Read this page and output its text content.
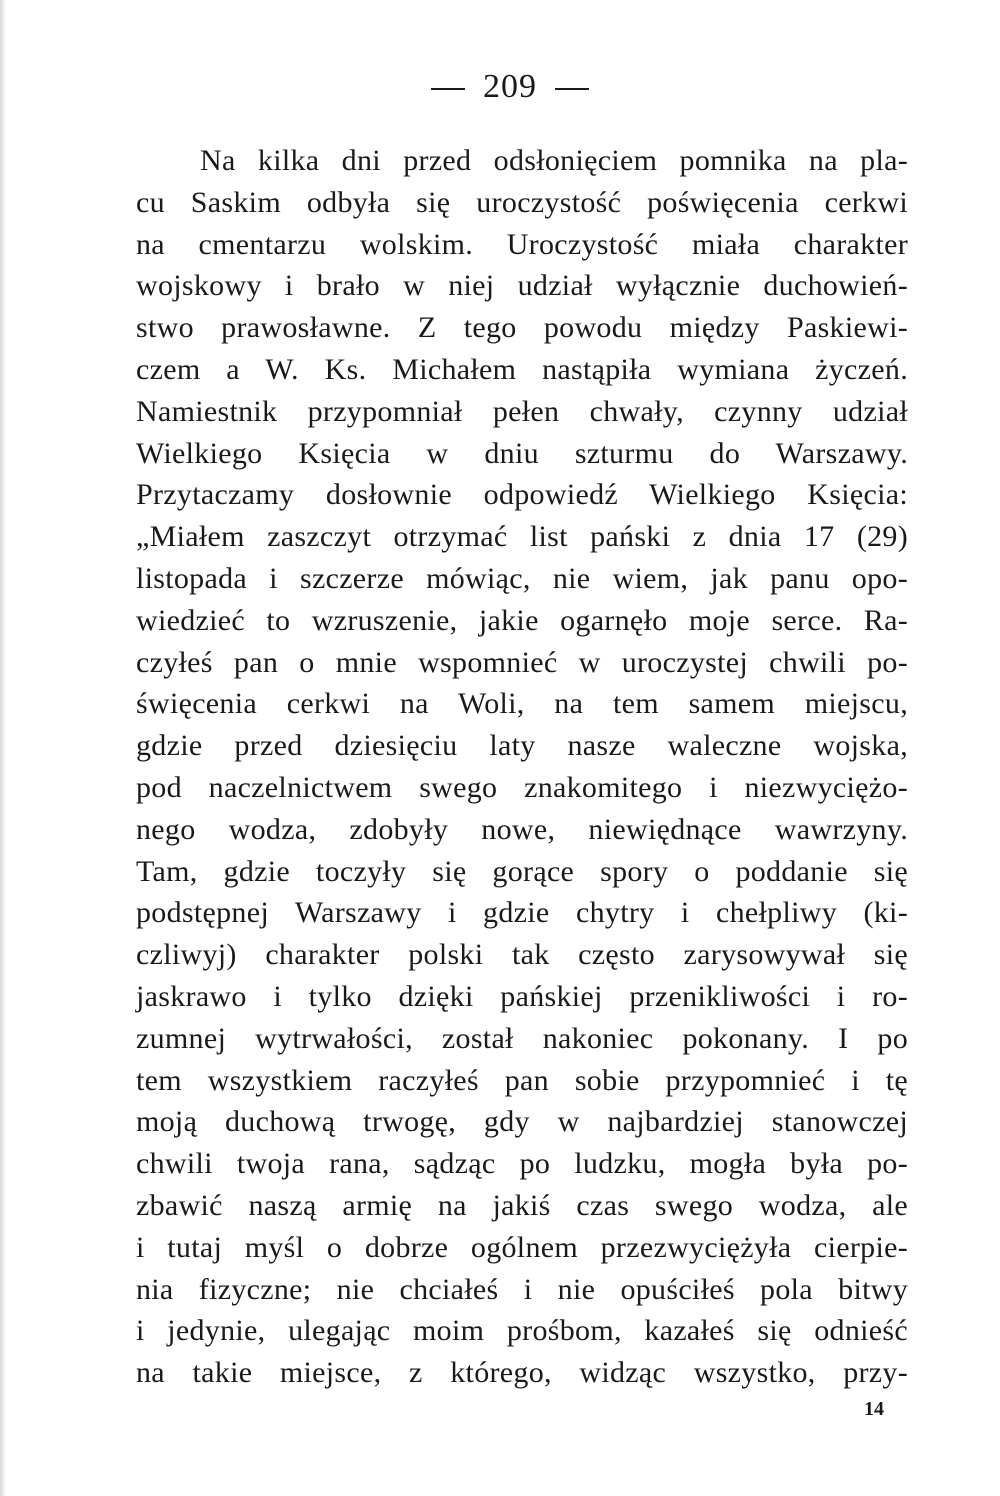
209
Na kilka dni przed odsłonięciem pomnika na pla-
cu Saskim odbyła się uroczystość poświęcenia cerkwi
na cmentarzu wolskim. Uroczystość miała charakter
wojskowy i brało w niej udział wyłącznie duchowień-
stwo prawosławne. Z tego powodu między Paskiewi-
czem a W. Ks. Michałem nastąpiła wymiana życzeń.
Namiestnik przypomniał pełen chwały, czynny udział
Wielkiego Księcia w dniu szturmu do Warszawy.
Przytaczamy dosłownie odpowiedź Wielkiego Księcia:
„Miałem zaszczyt otrzymać list pański z dnia 17 (29)
listopada i szczerze mówiąc, nie wiem, jak panu opo-
wiedzieć to wzruszenie, jakie ogarnęło moje serce. Ra-
czyłeś pan o mnie wspomnieć w uroczystej chwili po-
święcenia cerkwi na Woli, na tem samem miejscu,
gdzie przed dziesięciu laty nasze waleczne wojska,
pod naczelnictwem swego znakomitego i niezwyciężo-
nego wodza, zdobyły nowe, niewiędnące wawrzyny.
Tam, gdzie toczyły się gorące spory o poddanie się
podstępnej Warszawy i gdzie chytry i chełpliwy (ki-
czliwyj) charakter polski tak często zarysowywał się
jaskrawo i tylko dzięki pańskiej przenikliwości i ro-
zumnej wytrwałości, został nakoniec pokonany. I po
tem wszystkiem raczyłeś pan sobie przypomnieć i tę
moją duchową trwogę, gdy w najbardziej stanowczej
chwili twoja rana, sądząc po ludzku, mogła była po-
zbawić naszą armię na jakiś czas swego wodza, ale
i tutaj myśl o dobrze ogólnem przezwyciężyła cierpie-
nia fizyczne; nie chciałeś i nie opuściłeś pola bitwy
i jedynie, ulegając moim prośbom, kazałeś się odnieść
na takie miejsce, z którego, widząc wszystko, przy-
14
